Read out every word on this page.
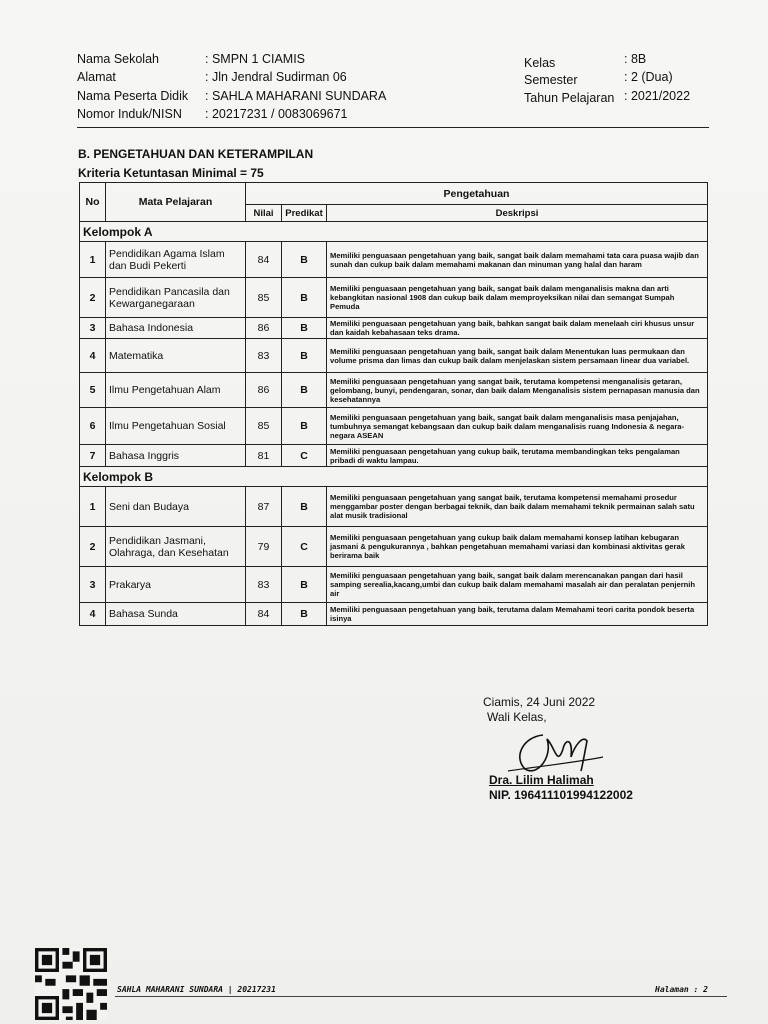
Nama Sekolah	: SMPN 1 CIAMIS	Kelas	: 8B
Alamat	: Jln Jendral Sudirman 06	Semester	: 2 (Dua)
Nama Peserta Didik : SAHLA MAHARANI SUNDARA	Tahun Pelajaran : 2021/2022
Nomor Induk/NISN : 20217231 / 0083069671
B. PENGETAHUAN DAN KETERAMPILAN
Kriteria Ketuntasan Minimal = 75
No	Mata Pelajaran	Pengetahuan		
		Nilai	Predikat	Deskripsi
Kelompok A				
1	Pendidikan Agama Islam dan Budi Pekerti	84	B	Memiliki penguasaan pengetahuan yang baik, sangat baik dalam memahami tata cara puasa wajib dan sunah dan cukup baik dalam memahami makanan dan minuman yang halal dan haram
2	Pendidikan Pancasila dan Kewarganegaraan	85	B	Memiliki penguasaan pengetahuan yang baik, sangat baik dalam menganalisis makna dan arti kebangkitan nasional 1908 dan cukup baik dalam memproyeksikan nilai dan semangat Sumpah Pemuda
3	Bahasa Indonesia	86	B	Memiliki penguasaan pengetahuan yang baik, bahkan sangat baik dalam menelaah ciri khusus unsur dan kaidah kebahasaan teks drama.
4	Matematika	83	B	Memiliki penguasaan pengetahuan yang baik, sangat baik dalam Menentukan luas permukaan dan volume prisma dan limas dan cukup baik dalam menjelaskan sistem persamaan linear dua variabel.
5	Ilmu Pengetahuan Alam	86	B	Memiliki penguasaan pengetahuan yang sangat baik, terutama kompetensi menganalisis getaran, gelombang, bunyi, pendengaran, sonar, dan baik dalam Menganalisis sistem pernapasan manusia dan kesehatannya
6	Ilmu Pengetahuan Sosial	85	B	Memiliki penguasaan pengetahuan yang baik, sangat baik dalam menganalisis masa penjajahan, tumbuhnya semangat kebangsaan dan cukup baik dalam menganalisis ruang Indonesia & negara-negara ASEAN
7	Bahasa Inggris	81	C	Memiliki penguasaan pengetahuan yang cukup baik, terutama membandingkan teks pengalaman pribadi di waktu lampau.
Kelompok B				
1	Seni dan Budaya	87	B	Memiliki penguasaan pengetahuan yang sangat baik, terutama kompetensi memahami prosedur menggambar poster dengan berbagai teknik, dan baik dalam memahami teknik permainan salah satu alat musik tradisional
2	Pendidikan Jasmani, Olahraga, dan Kesehatan	79	C	Memiliki penguasaan pengetahuan yang cukup baik dalam memahami konsep latihan kebugaran jasmani & pengukurannya , bahkan pengetahuan memahami variasi dan kombinasi aktivitas gerak berirama baik
3	Prakarya	83	B	Memiliki penguasaan pengetahuan yang baik, sangat baik dalam merencanakan pangan dari hasil samping serealia,kacang,umbi dan cukup baik dalam memahami masalah air dan peralatan penjernih air
4	Bahasa Sunda	84	B	Memiliki penguasaan pengetahuan yang baik, terutama dalam Memahami teori carita pondok beserta isinya
Ciamis, 24 Juni 2022
Wali Kelas,
Dra. Lilim Halimah
NIP. 196411101994122002
SAHLA MAHARANI SUNDARA | 20217231	Halaman : 2
